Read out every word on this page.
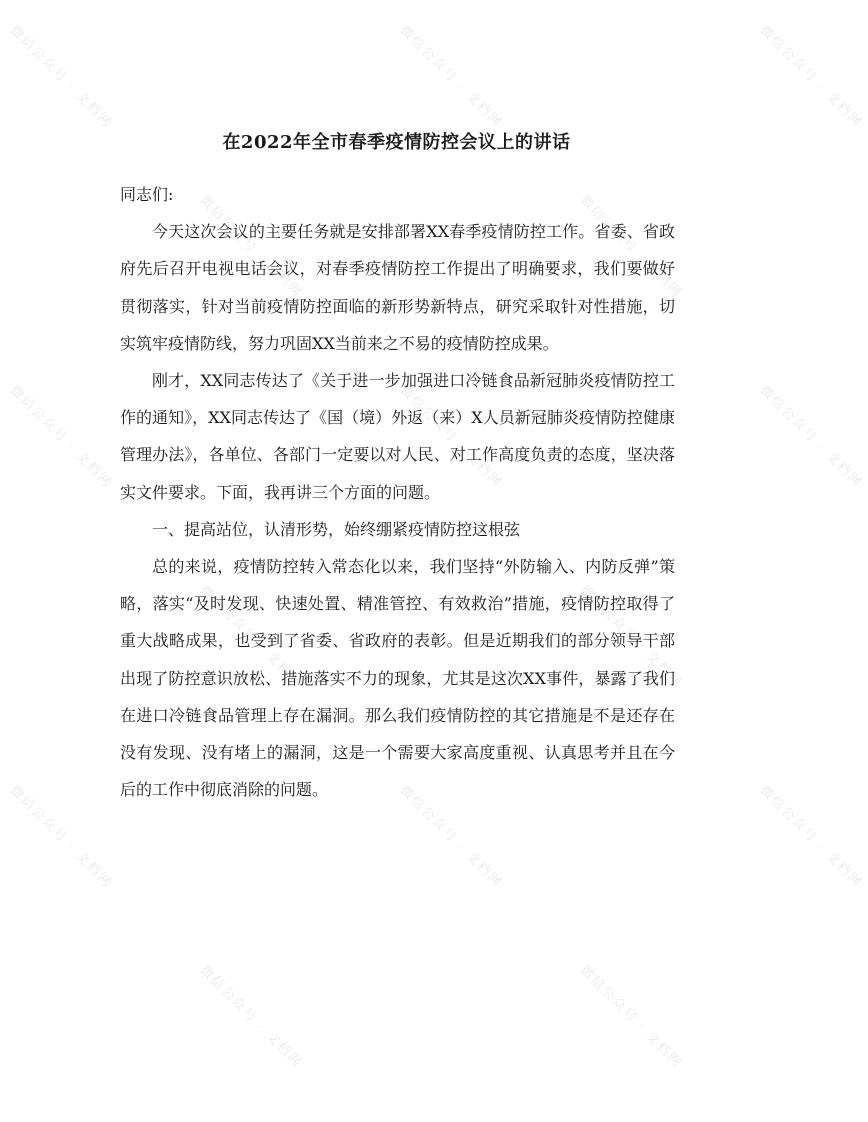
微信公众号 · 文档网	微信公众号 · 文档网	微信公众号 · 文档网
微信公众号 · 文档网	微信公众号 · 文档网
微信公众号 · 文档网	微信公众号 · 文档网	微信公众号 · 文档网
微信公众号 · 文档网	微信公众号 · 文档网
微信公众号 · 文档网	微信公众号 · 文档网	微信公众号 · 文档网
微信公众号 · 文档网	微信公众号 · 文档网
在2022年全市春季疫情防控会议上的讲话

同志们:

今天这次会议的主要任务就是安排部署XX春季疫情防控工作。省委、省政府先后召开电视电话会议，对春季疫情防控工作提出了明确要求，我们要做好贯彻落实，针对当前疫情防控面临的新形势新特点，研究采取针对性措施，切实筑牢疫情防线，努力巩固XX当前来之不易的疫情防控成果。

刚才，XX同志传达了《关于进一步加强进口冷链食品新冠肺炎疫情防控工作的通知》，XX同志传达了《国（境）外返（来）X人员新冠肺炎疫情防控健康管理办法》，各单位、各部门一定要以对人民、对工作高度负责的态度，坚决落实文件要求。下面，我再讲三个方面的问题。

一、提高站位，认清形势，始终绷紧疫情防控这根弦

总的来说，疫情防控转入常态化以来，我们坚持“外防输入、内防反弹”策略，落实“及时发现、快速处置、精准管控、有效救治”措施，疫情防控取得了重大战略成果，也受到了省委、省政府的表彰。但是近期我们的部分领导干部出现了防控意识放松、措施落实不力的现象，尤其是这次XX事件，暴露了我们在进口冷链食品管理上存在漏洞。那么我们疫情防控的其它措施是不是还存在没有发现、没有堵上的漏洞，这是一个需要大家高度重视、认真思考并且在今后的工作中彻底消除的问题。
